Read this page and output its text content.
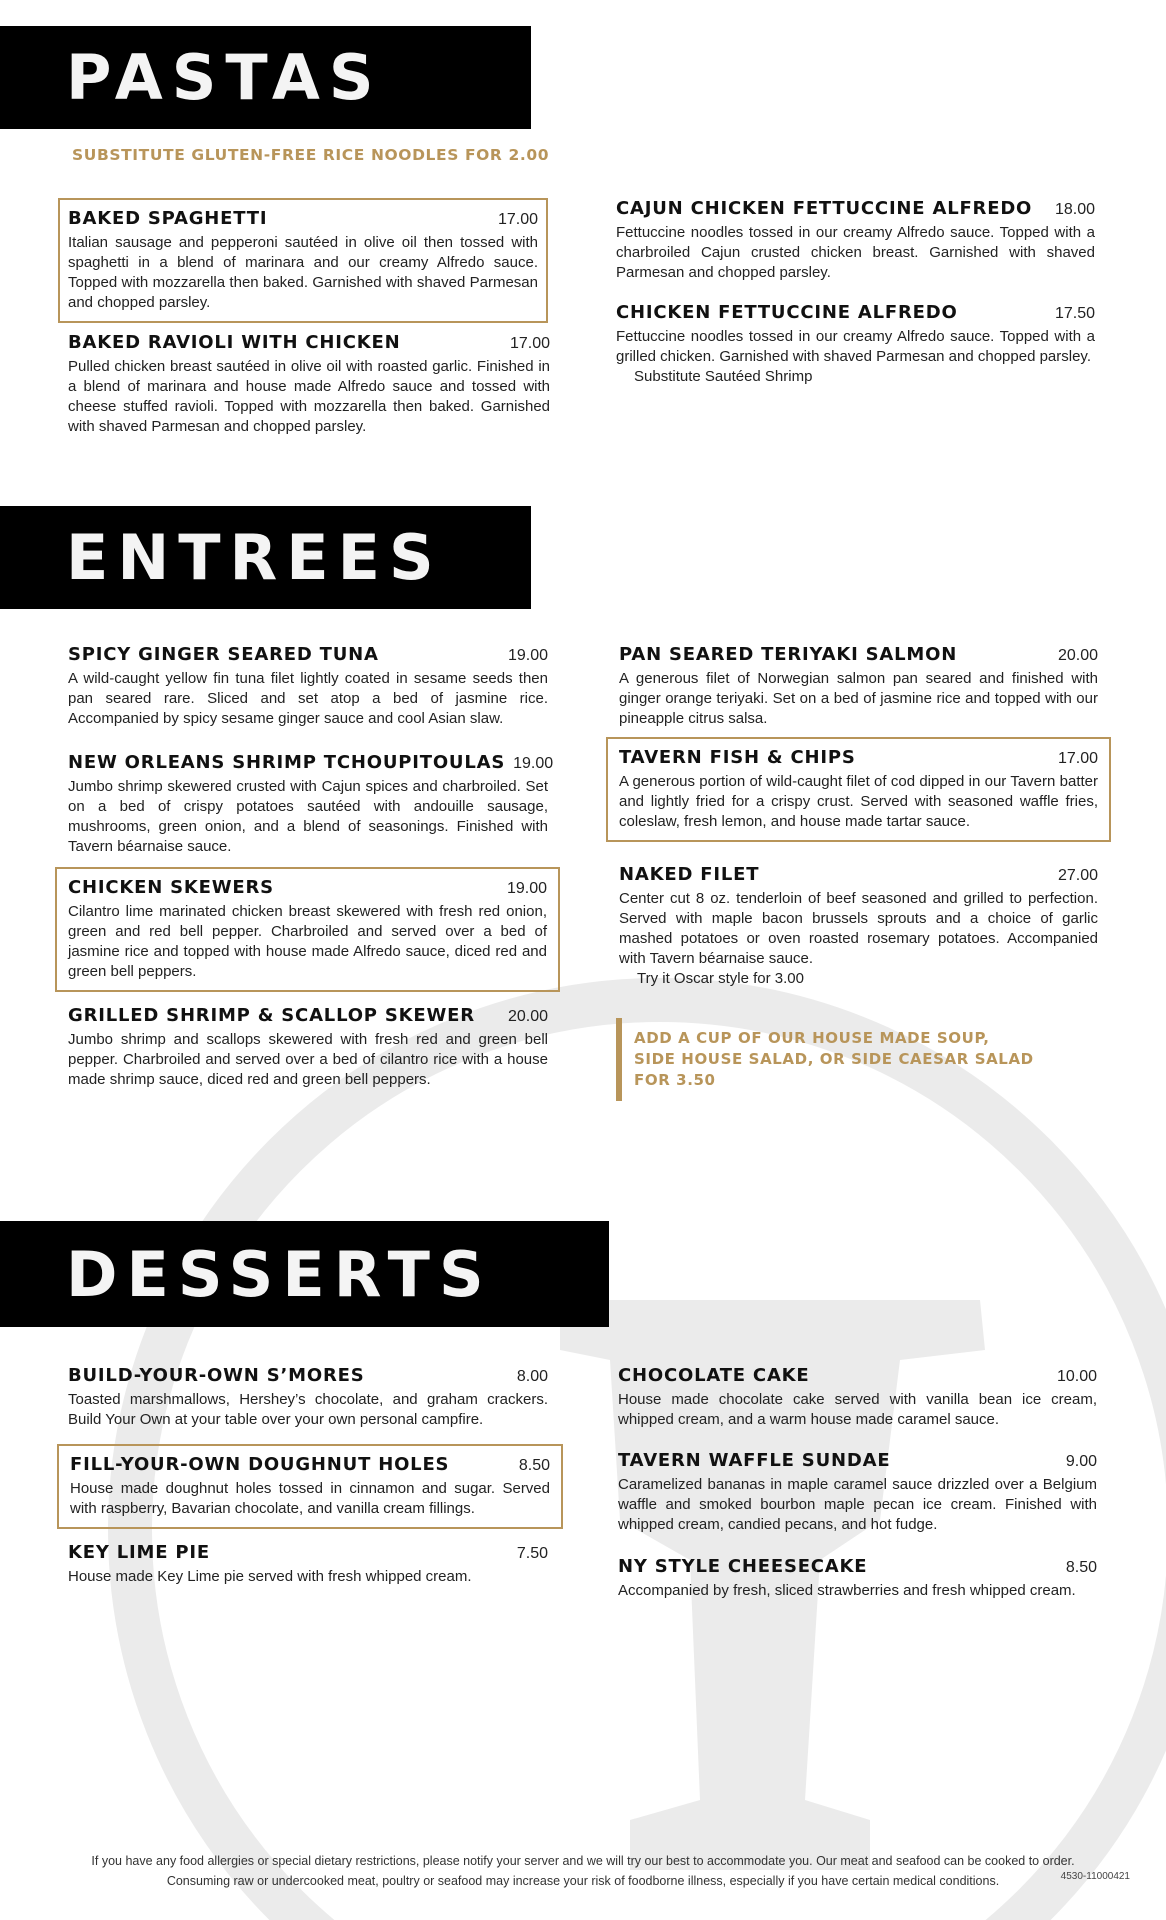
PASTAS
SUBSTITUTE GLUTEN-FREE RICE NOODLES FOR 2.00
BAKED SPAGHETTI	17.00
Italian sausage and pepperoni sautéed in olive oil then tossed with spaghetti in a blend of marinara and our creamy Alfredo sauce. Topped with mozzarella then baked. Garnished with shaved Parmesan and chopped parsley.
BAKED RAVIOLI WITH CHICKEN	17.00
Pulled chicken breast sautéed in olive oil with roasted garlic. Finished in a blend of marinara and house made Alfredo sauce and tossed with cheese stuffed ravioli. Topped with mozzarella then baked. Garnished with shaved Parmesan and chopped parsley.
CAJUN CHICKEN FETTUCCINE ALFREDO 18.00
Fettuccine noodles tossed in our creamy Alfredo sauce. Topped with a charbroiled Cajun crusted chicken breast. Garnished with shaved Parmesan and chopped parsley.
CHICKEN FETTUCCINE ALFREDO	17.50
Fettuccine noodles tossed in our creamy Alfredo sauce. Topped with a grilled chicken. Garnished with shaved Parmesan and chopped parsley.
Substitute Sautéed Shrimp
ENTREES
SPICY GINGER SEARED TUNA	19.00
A wild-caught yellow fin tuna filet lightly coated in sesame seeds then pan seared rare. Sliced and set atop a bed of jasmine rice. Accompanied by spicy sesame ginger sauce and cool Asian slaw.
NEW ORLEANS SHRIMP TCHOUPITOULAS 19.00
Jumbo shrimp skewered crusted with Cajun spices and charbroiled. Set on a bed of crispy potatoes sautéed with andouille sausage, mushrooms, green onion, and a blend of seasonings. Finished with Tavern béarnaise sauce.
CHICKEN SKEWERS	19.00
Cilantro lime marinated chicken breast skewered with fresh red onion, green and red bell pepper. Charbroiled and served over a bed of jasmine rice and topped with house made Alfredo sauce, diced red and green bell peppers.
GRILLED SHRIMP & SCALLOP SKEWER 20.00
Jumbo shrimp and scallops skewered with fresh red and green bell pepper. Charbroiled and served over a bed of cilantro rice with a house made shrimp sauce, diced red and green bell peppers.
PAN SEARED TERIYAKI SALMON	20.00
A generous filet of Norwegian salmon pan seared and finished with ginger orange teriyaki. Set on a bed of jasmine rice and topped with our pineapple citrus salsa.
TAVERN FISH & CHIPS	17.00
A generous portion of wild-caught filet of cod dipped in our Tavern batter and lightly fried for a crispy crust. Served with seasoned waffle fries, coleslaw, fresh lemon, and house made tartar sauce.
NAKED FILET	27.00
Center cut 8 oz. tenderloin of beef seasoned and grilled to perfection. Served with maple bacon brussels sprouts and a choice of garlic mashed potatoes or oven roasted rosemary potatoes. Accompanied with Tavern béarnaise sauce.
Try it Oscar style for 3.00
ADD A CUP OF OUR HOUSE MADE SOUP,
SIDE HOUSE SALAD, OR SIDE CAESAR SALAD
FOR 3.50
DESSERTS
BUILD-YOUR-OWN S’MORES	8.00
Toasted marshmallows, Hershey’s chocolate, and graham crackers. Build Your Own at your table over your own personal campfire.
FILL-YOUR-OWN DOUGHNUT HOLES	8.50
House made doughnut holes tossed in cinnamon and sugar. Served with raspberry, Bavarian chocolate, and vanilla cream fillings.
KEY LIME PIE	7.50
House made Key Lime pie served with fresh whipped cream.
CHOCOLATE CAKE	10.00
House made chocolate cake served with vanilla bean ice cream, whipped cream, and a warm house made caramel sauce.
TAVERN WAFFLE SUNDAE	9.00
Caramelized bananas in maple caramel sauce drizzled over a Belgium waffle and smoked bourbon maple pecan ice cream. Finished with whipped cream, candied pecans, and hot fudge.
NY STYLE CHEESECAKE	8.50
Accompanied by fresh, sliced strawberries and fresh whipped cream.
If you have any food allergies or special dietary restrictions, please notify your server and we will try our best to accommodate you. Our meat and seafood can be cooked to order.
Consuming raw or undercooked meat, poultry or seafood may increase your risk of foodborne illness, especially if you have certain medical conditions.	4530-11000421
